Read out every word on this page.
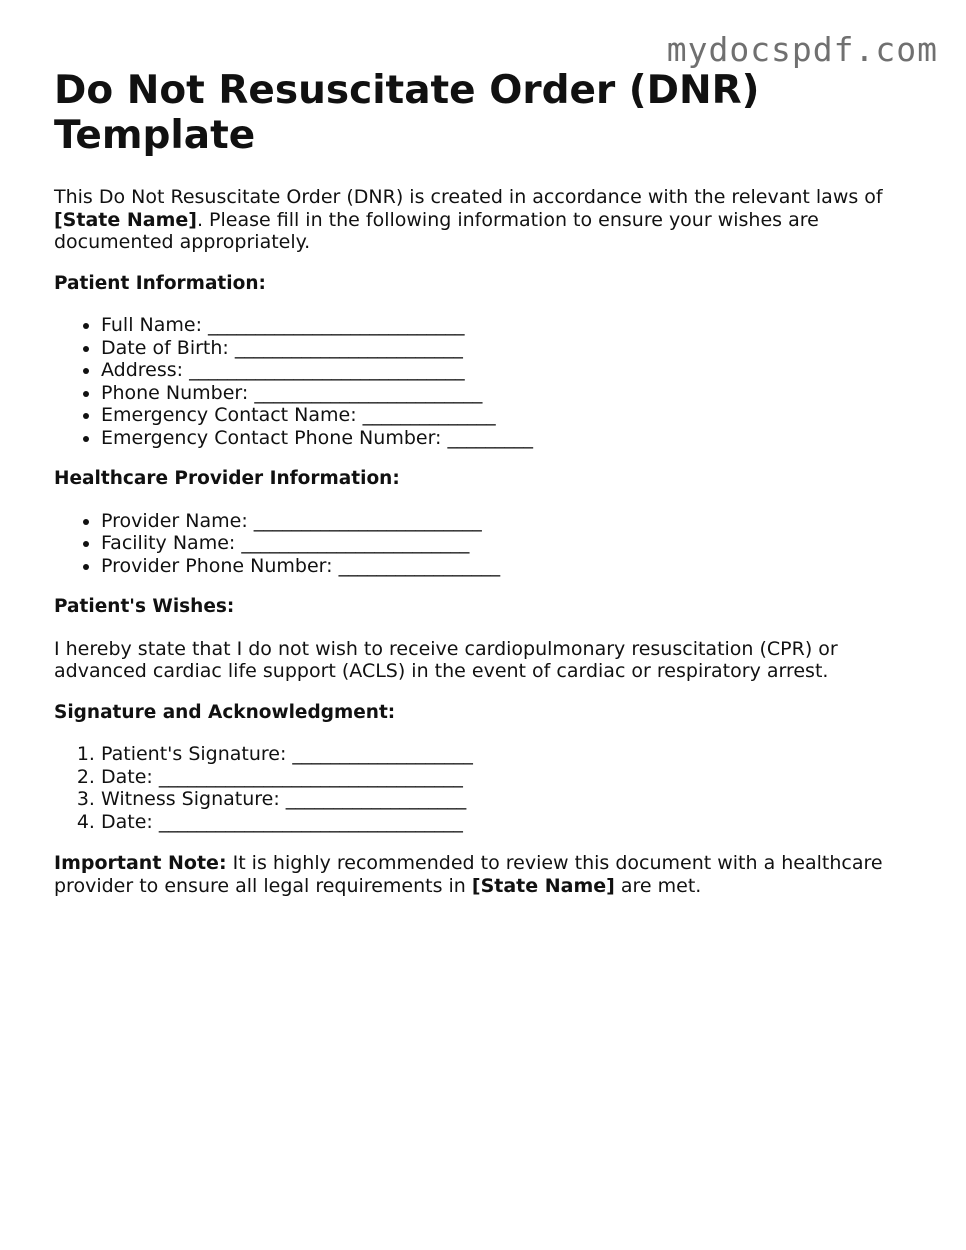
mydocspdf.com
Do Not Resuscitate Order (DNR) Template

This Do Not Resuscitate Order (DNR) is created in accordance with the relevant laws of [State Name]. Please fill in the following information to ensure your wishes are documented appropriately.

Patient Information:

• Full Name: ___________________________
• Date of Birth: ________________________
• Address: _____________________________
• Phone Number: ________________________
• Emergency Contact Name: ______________
• Emergency Contact Phone Number: _________

Healthcare Provider Information:

• Provider Name: ________________________
• Facility Name: ________________________
• Provider Phone Number: _________________

Patient's Wishes:

I hereby state that I do not wish to receive cardiopulmonary resuscitation (CPR) or advanced cardiac life support (ACLS) in the event of cardiac or respiratory arrest.

Signature and Acknowledgment:

1. Patient's Signature: ___________________
2. Date: ________________________________
3. Witness Signature: ___________________
4. Date: ________________________________

Important Note: It is highly recommended to review this document with a healthcare provider to ensure all legal requirements in [State Name] are met.
